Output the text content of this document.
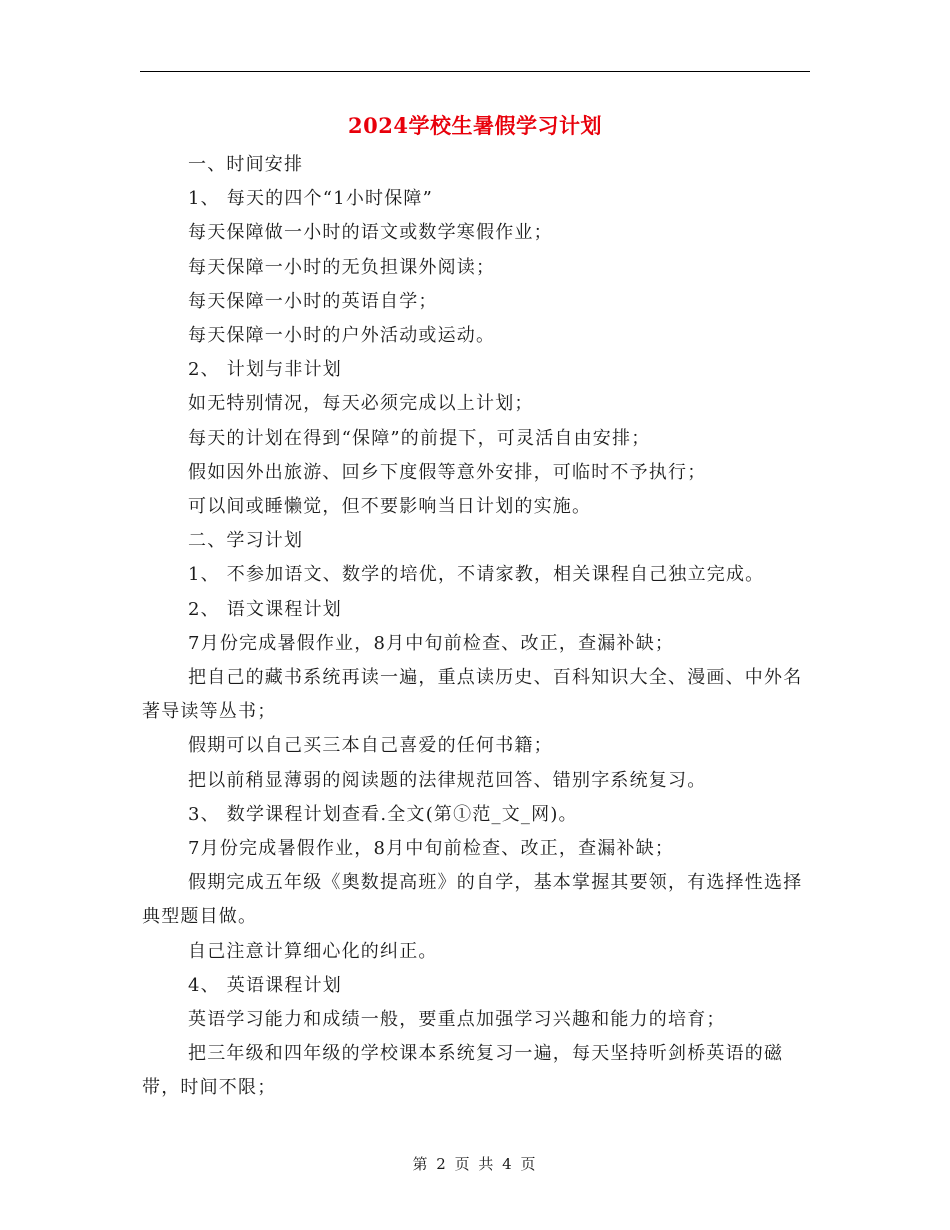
2024学校生暑假学习计划

一、时间安排

1、 每天的四个“1小时保障”

每天保障做一小时的语文或数学寒假作业；

每天保障一小时的无负担课外阅读；

每天保障一小时的英语自学；

每天保障一小时的户外活动或运动。

2、 计划与非计划

如无特别情况，每天必须完成以上计划；

每天的计划在得到“保障”的前提下，可灵活自由安排；

假如因外出旅游、回乡下度假等意外安排，可临时不予执行；

可以间或睡懒觉，但不要影响当日计划的实施。

二、学习计划

1、 不参加语文、数学的培优，不请家教，相关课程自己独立完成。

2、 语文课程计划

7月份完成暑假作业，8月中旬前检查、改正，查漏补缺；

把自己的藏书系统再读一遍，重点读历史、百科知识大全、漫画、中外名著导读等丛书；

假期可以自己买三本自己喜爱的任何书籍；

把以前稍显薄弱的阅读题的法律规范回答、错别字系统复习。

3、 数学课程计划查看.全文(第①范_文_网)。

7月份完成暑假作业，8月中旬前检查、改正，查漏补缺；

假期完成五年级《奥数提高班》的自学，基本掌握其要领，有选择性选择典型题目做。

自己注意计算细心化的纠正。

4、 英语课程计划

英语学习能力和成绩一般，要重点加强学习兴趣和能力的培育；

把三年级和四年级的学校课本系统复习一遍，每天坚持听剑桥英语的磁带，时间不限；

第 2 页 共 4 页
